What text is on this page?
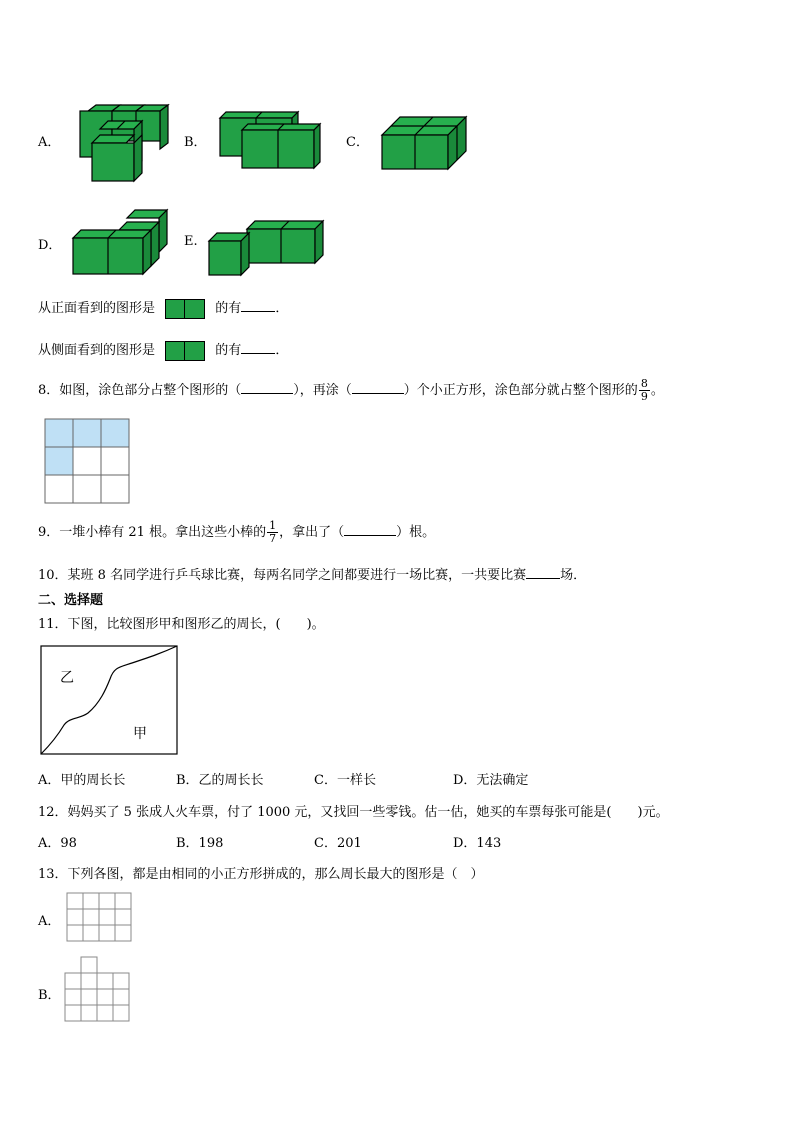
A．	B．	C．
D．	E.
从正面看到的图形是	的有	．
从侧面看到的图形是	的有	．
8．如图，涂色部分占整个图形的（	），再涂（	）个小正方形，涂色部分就占整个图形的 $\frac{8}{9}$ 。
9．一堆小棒有 21 根。拿出这些小棒的 $\frac{1}{7}$ ，拿出了（	）根。
10．某班 8 名同学进行乒乓球比赛，每两名同学之间都要进行一场比赛，一共要比赛	场．
二、选择题
11．下图，比较图形甲和图形乙的周长，(　　)。
乙
甲
A．甲的周长长	B．乙的周长长	C．一样长	D．无法确定
12．妈妈买了 5 张成人火车票，付了 1000 元，又找回一些零钱。估一估，她买的车票每张可能是(　　)元。
A．98	B．198	C．201	D．143
13．下列各图，都是由相同的小正方形拼成的，那么周长最大的图形是（　）
A．
B．
